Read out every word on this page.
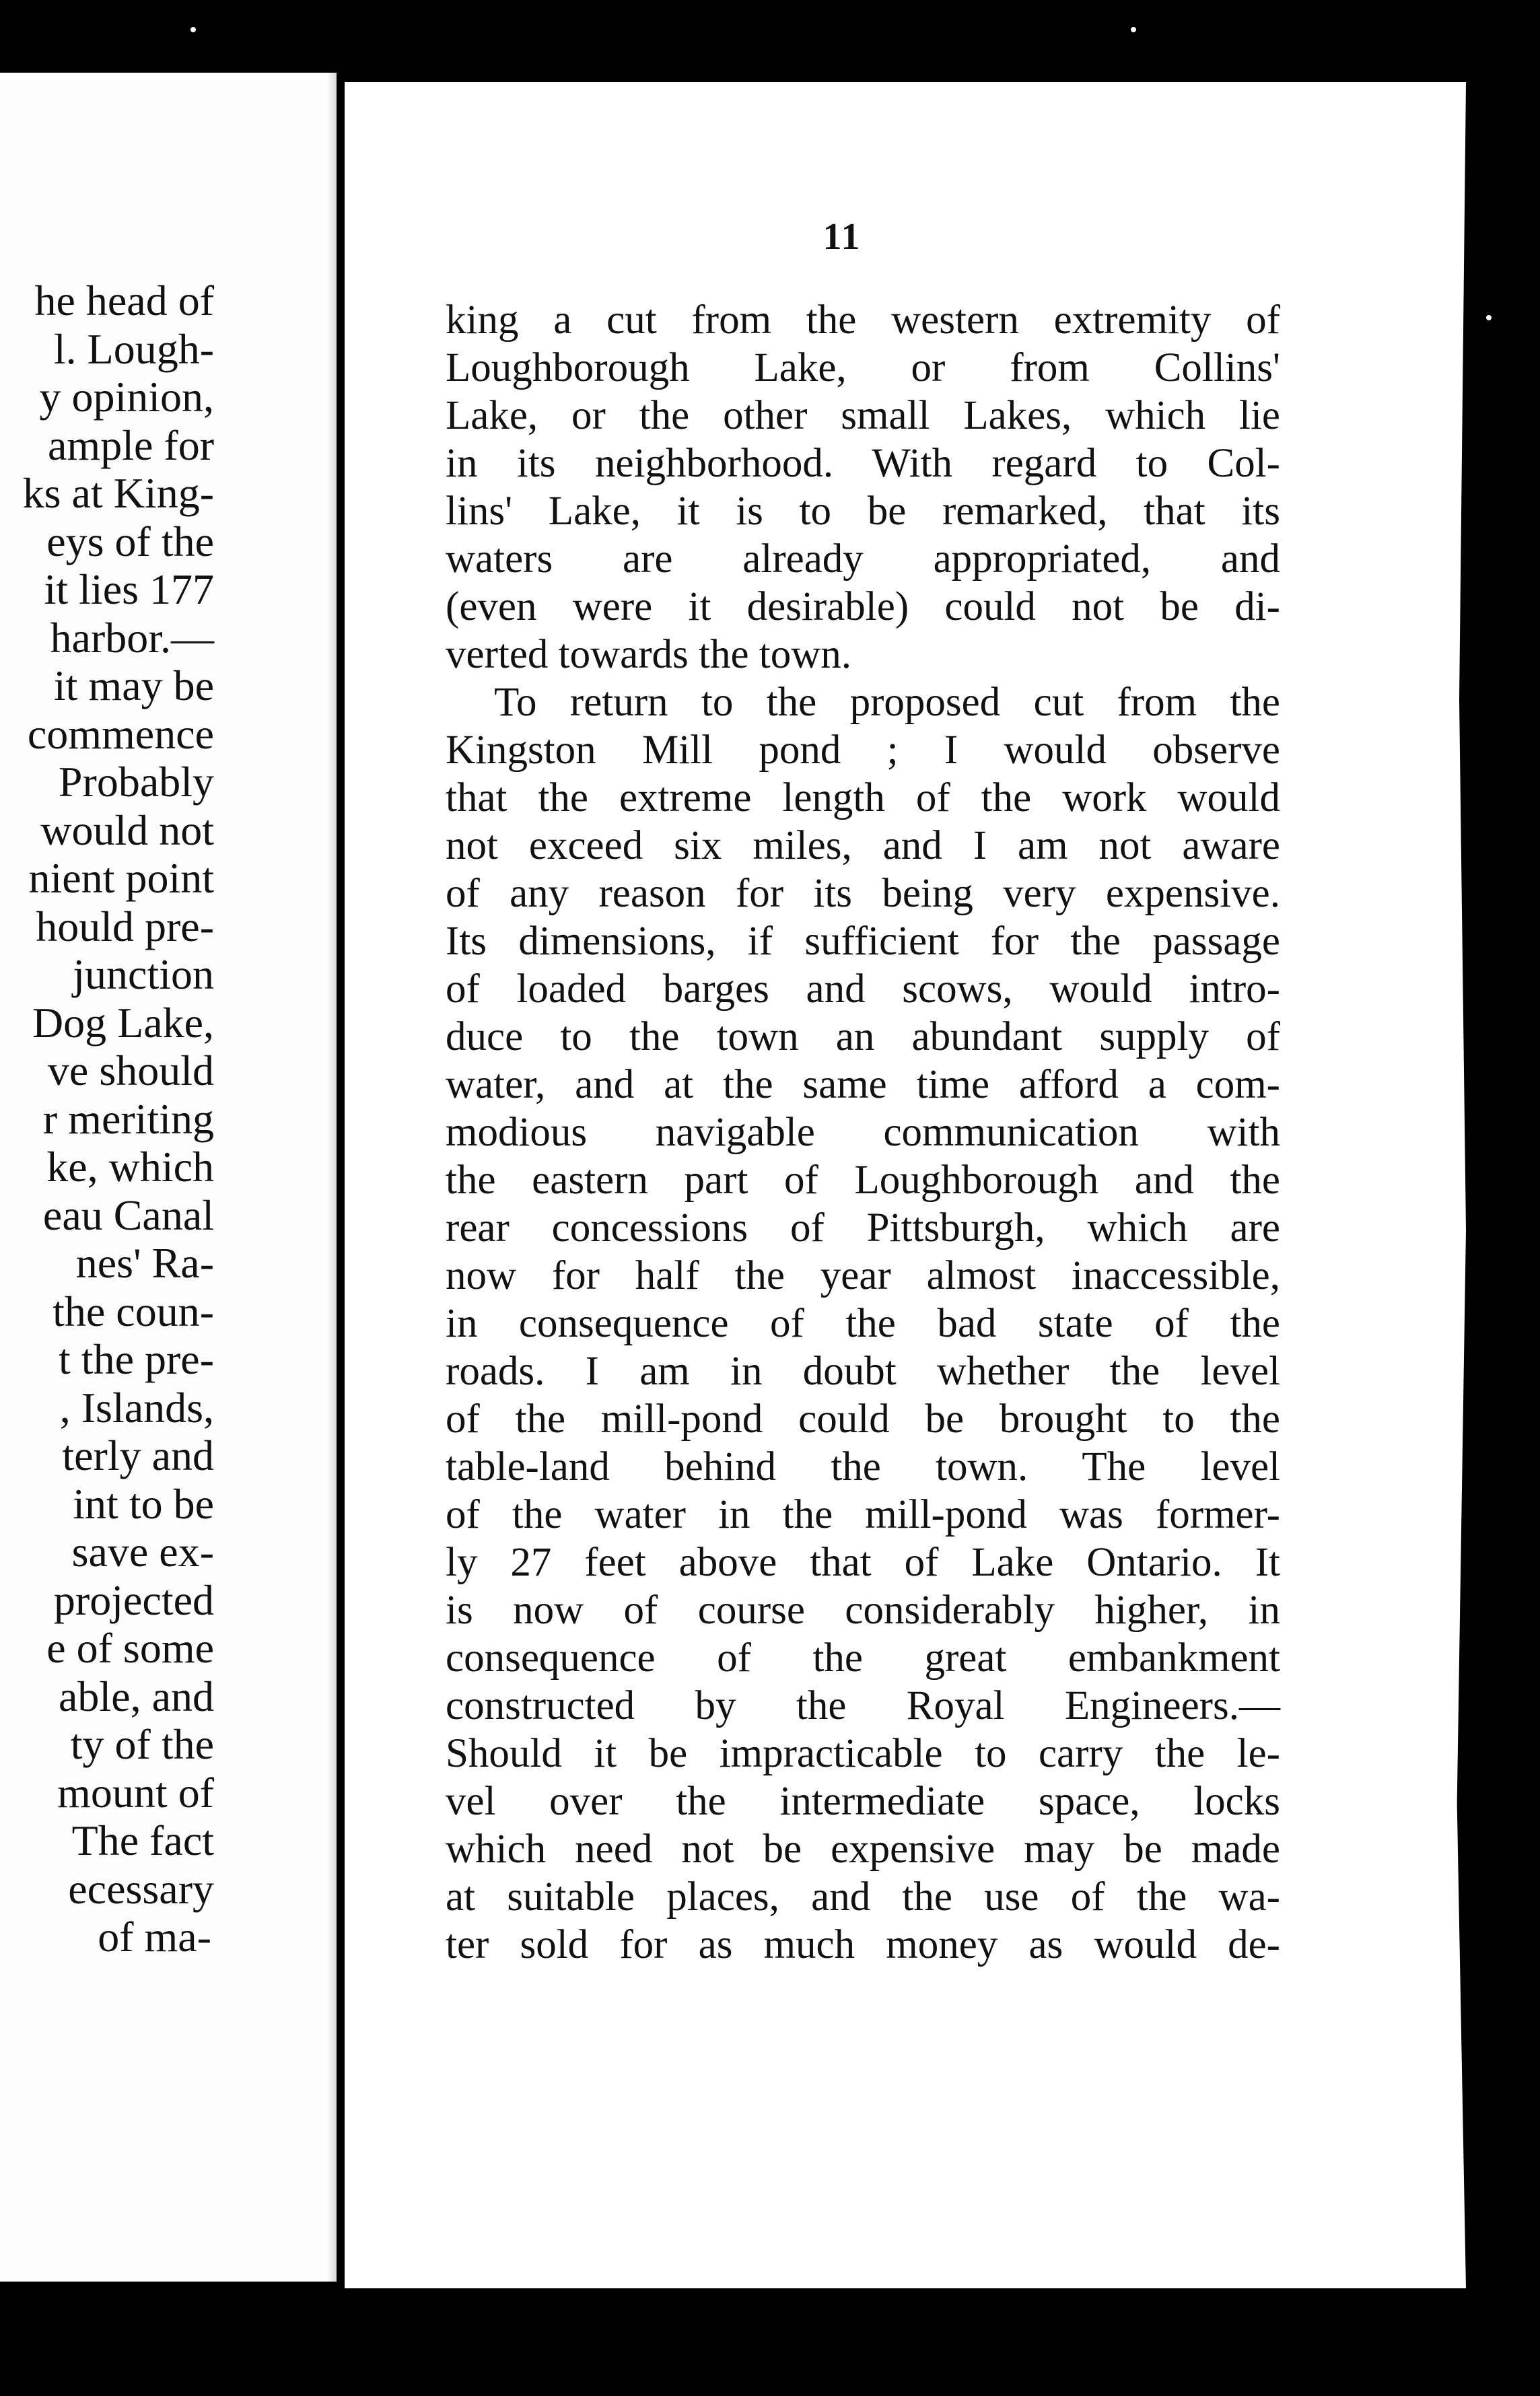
he head of
l. Lough-
y opinion,
ample for
ks at King-
eys of the
it lies 177
harbor.—
it may be
commence
Probably
would not
nient point
hould pre-
junction
Dog Lake,
ve should
r meriting
ke, which
eau Canal
nes' Ra-
the coun-
t the pre-
, Islands,
terly and
int to be
save ex-
projected
e of some
able, and
ty of the
mount of
The fact
ecessary
of ma-
11
king a cut from the western extremity of
Loughborough Lake, or from Collins'
Lake, or the other small Lakes, which lie
in its neighborhood. With regard to Col-
lins' Lake, it is to be remarked, that its
waters are already appropriated, and
(even were it desirable) could not be di-
verted towards the town.
To return to the proposed cut from the
Kingston Mill pond ; I would observe
that the extreme length of the work would
not exceed six miles, and I am not aware
of any reason for its being very expensive.
Its dimensions, if sufficient for the passage
of loaded barges and scows, would intro-
duce to the town an abundant supply of
water, and at the same time afford a com-
modious navigable communication with
the eastern part of Loughborough and the
rear concessions of Pittsburgh, which are
now for half the year almost inaccessible,
in consequence of the bad state of the
roads. I am in doubt whether the level
of the mill-pond could be brought to the
table-land behind the town. The level
of the water in the mill-pond was former-
ly 27 feet above that of Lake Ontario. It
is now of course considerably higher, in
consequence of the great embankment
constructed by the Royal Engineers.—
Should it be impracticable to carry the le-
vel over the intermediate space, locks
which need not be expensive may be made
at suitable places, and the use of the wa-
ter sold for as much money as would de-
